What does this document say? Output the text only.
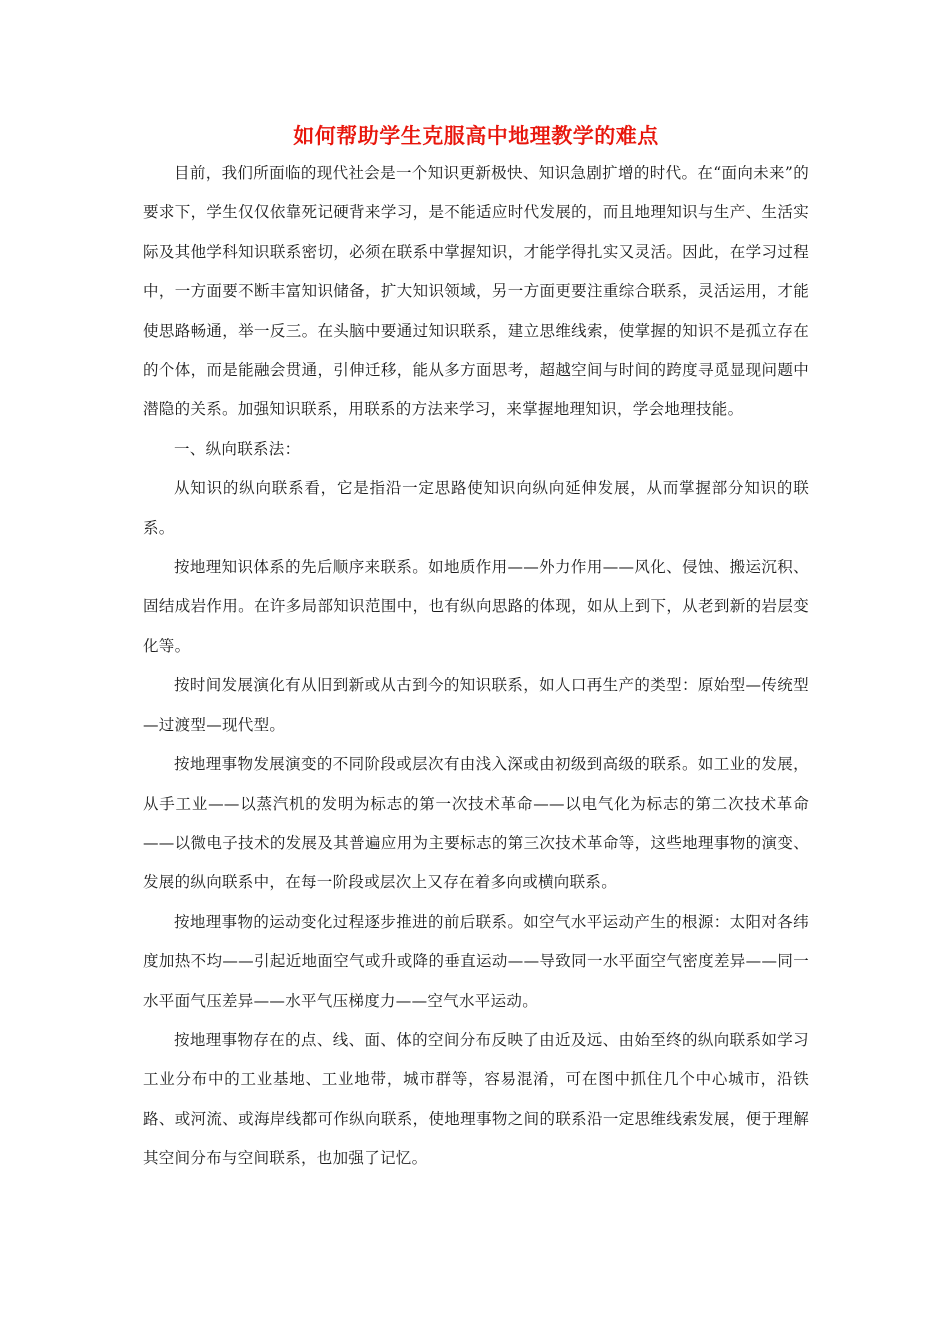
如何帮助学生克服高中地理教学的难点

目前，我们所面临的现代社会是一个知识更新极快、知识急剧扩增的时代。在“面向未来”的要求下，学生仅仅依靠死记硬背来学习，是不能适应时代发展的，而且地理知识与生产、生活实际及其他学科知识联系密切，必须在联系中掌握知识，才能学得扎实又灵活。因此，在学习过程中，一方面要不断丰富知识储备，扩大知识领域，另一方面更要注重综合联系，灵活运用，才能使思路畅通，举一反三。在头脑中要通过知识联系，建立思维线索，使掌握的知识不是孤立存在的个体，而是能融会贯通，引伸迁移，能从多方面思考，超越空间与时间的跨度寻觅显现问题中潜隐的关系。加强知识联系，用联系的方法来学习，来掌握地理知识，学会地理技能。

一、纵向联系法：

从知识的纵向联系看，它是指沿一定思路使知识向纵向延伸发展，从而掌握部分知识的联系。

按地理知识体系的先后顺序来联系。如地质作用——外力作用——风化、侵蚀、搬运沉积、固结成岩作用。在许多局部知识范围中，也有纵向思路的体现，如从上到下，从老到新的岩层变化等。

按时间发展演化有从旧到新或从古到今的知识联系，如人口再生产的类型：原始型—传统型—过渡型—现代型。

按地理事物发展演变的不同阶段或层次有由浅入深或由初级到高级的联系。如工业的发展，从手工业——以蒸汽机的发明为标志的第一次技术革命——以电气化为标志的第二次技术革命——以微电子技术的发展及其普遍应用为主要标志的第三次技术革命等，这些地理事物的演变、发展的纵向联系中，在每一阶段或层次上又存在着多向或横向联系。

按地理事物的运动变化过程逐步推进的前后联系。如空气水平运动产生的根源：太阳对各纬度加热不均——引起近地面空气或升或降的垂直运动——导致同一水平面空气密度差异——同一水平面气压差异——水平气压梯度力——空气水平运动。

按地理事物存在的点、线、面、体的空间分布反映了由近及远、由始至终的纵向联系如学习工业分布中的工业基地、工业地带，城市群等，容易混淆，可在图中抓住几个中心城市，沿铁路、或河流、或海岸线都可作纵向联系，使地理事物之间的联系沿一定思维线索发展，便于理解其空间分布与空间联系，也加强了记忆。
